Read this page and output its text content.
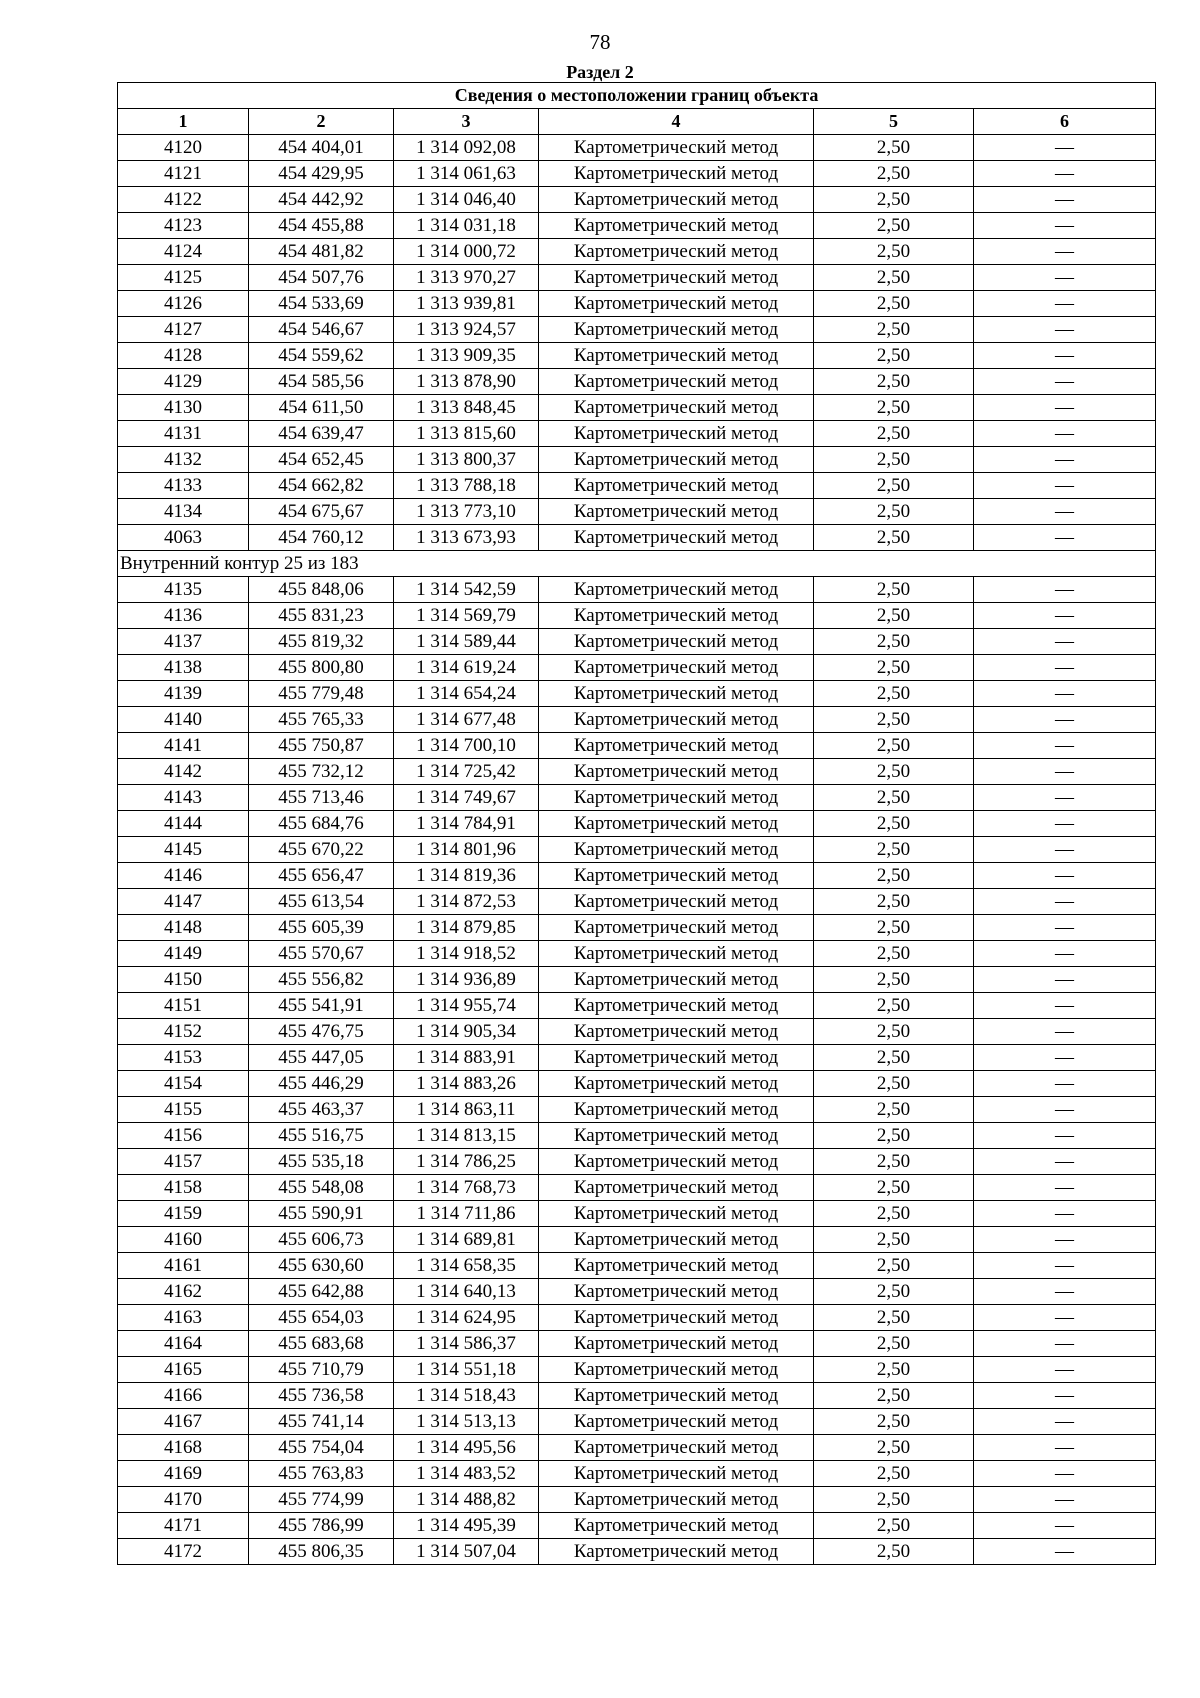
78
Раздел 2
Сведения о местоположении границ объекта					
1	2	3	4	5	6
4120	454 404,01	1 314 092,08	Картометрический метод	2,50	—
4121	454 429,95	1 314 061,63	Картометрический метод	2,50	—
4122	454 442,92	1 314 046,40	Картометрический метод	2,50	—
4123	454 455,88	1 314 031,18	Картометрический метод	2,50	—
4124	454 481,82	1 314 000,72	Картометрический метод	2,50	—
4125	454 507,76	1 313 970,27	Картометрический метод	2,50	—
4126	454 533,69	1 313 939,81	Картометрический метод	2,50	—
4127	454 546,67	1 313 924,57	Картометрический метод	2,50	—
4128	454 559,62	1 313 909,35	Картометрический метод	2,50	—
4129	454 585,56	1 313 878,90	Картометрический метод	2,50	—
4130	454 611,50	1 313 848,45	Картометрический метод	2,50	—
4131	454 639,47	1 313 815,60	Картометрический метод	2,50	—
4132	454 652,45	1 313 800,37	Картометрический метод	2,50	—
4133	454 662,82	1 313 788,18	Картометрический метод	2,50	—
4134	454 675,67	1 313 773,10	Картометрический метод	2,50	—
4063	454 760,12	1 313 673,93	Картометрический метод	2,50	—
Внутренний контур 25 из 183					
4135	455 848,06	1 314 542,59	Картометрический метод	2,50	—
4136	455 831,23	1 314 569,79	Картометрический метод	2,50	—
4137	455 819,32	1 314 589,44	Картометрический метод	2,50	—
4138	455 800,80	1 314 619,24	Картометрический метод	2,50	—
4139	455 779,48	1 314 654,24	Картометрический метод	2,50	—
4140	455 765,33	1 314 677,48	Картометрический метод	2,50	—
4141	455 750,87	1 314 700,10	Картометрический метод	2,50	—
4142	455 732,12	1 314 725,42	Картометрический метод	2,50	—
4143	455 713,46	1 314 749,67	Картометрический метод	2,50	—
4144	455 684,76	1 314 784,91	Картометрический метод	2,50	—
4145	455 670,22	1 314 801,96	Картометрический метод	2,50	—
4146	455 656,47	1 314 819,36	Картометрический метод	2,50	—
4147	455 613,54	1 314 872,53	Картометрический метод	2,50	—
4148	455 605,39	1 314 879,85	Картометрический метод	2,50	—
4149	455 570,67	1 314 918,52	Картометрический метод	2,50	—
4150	455 556,82	1 314 936,89	Картометрический метод	2,50	—
4151	455 541,91	1 314 955,74	Картометрический метод	2,50	—
4152	455 476,75	1 314 905,34	Картометрический метод	2,50	—
4153	455 447,05	1 314 883,91	Картометрический метод	2,50	—
4154	455 446,29	1 314 883,26	Картометрический метод	2,50	—
4155	455 463,37	1 314 863,11	Картометрический метод	2,50	—
4156	455 516,75	1 314 813,15	Картометрический метод	2,50	—
4157	455 535,18	1 314 786,25	Картометрический метод	2,50	—
4158	455 548,08	1 314 768,73	Картометрический метод	2,50	—
4159	455 590,91	1 314 711,86	Картометрический метод	2,50	—
4160	455 606,73	1 314 689,81	Картометрический метод	2,50	—
4161	455 630,60	1 314 658,35	Картометрический метод	2,50	—
4162	455 642,88	1 314 640,13	Картометрический метод	2,50	—
4163	455 654,03	1 314 624,95	Картометрический метод	2,50	—
4164	455 683,68	1 314 586,37	Картометрический метод	2,50	—
4165	455 710,79	1 314 551,18	Картометрический метод	2,50	—
4166	455 736,58	1 314 518,43	Картометрический метод	2,50	—
4167	455 741,14	1 314 513,13	Картометрический метод	2,50	—
4168	455 754,04	1 314 495,56	Картометрический метод	2,50	—
4169	455 763,83	1 314 483,52	Картометрический метод	2,50	—
4170	455 774,99	1 314 488,82	Картометрический метод	2,50	—
4171	455 786,99	1 314 495,39	Картометрический метод	2,50	—
4172	455 806,35	1 314 507,04	Картометрический метод	2,50	—
